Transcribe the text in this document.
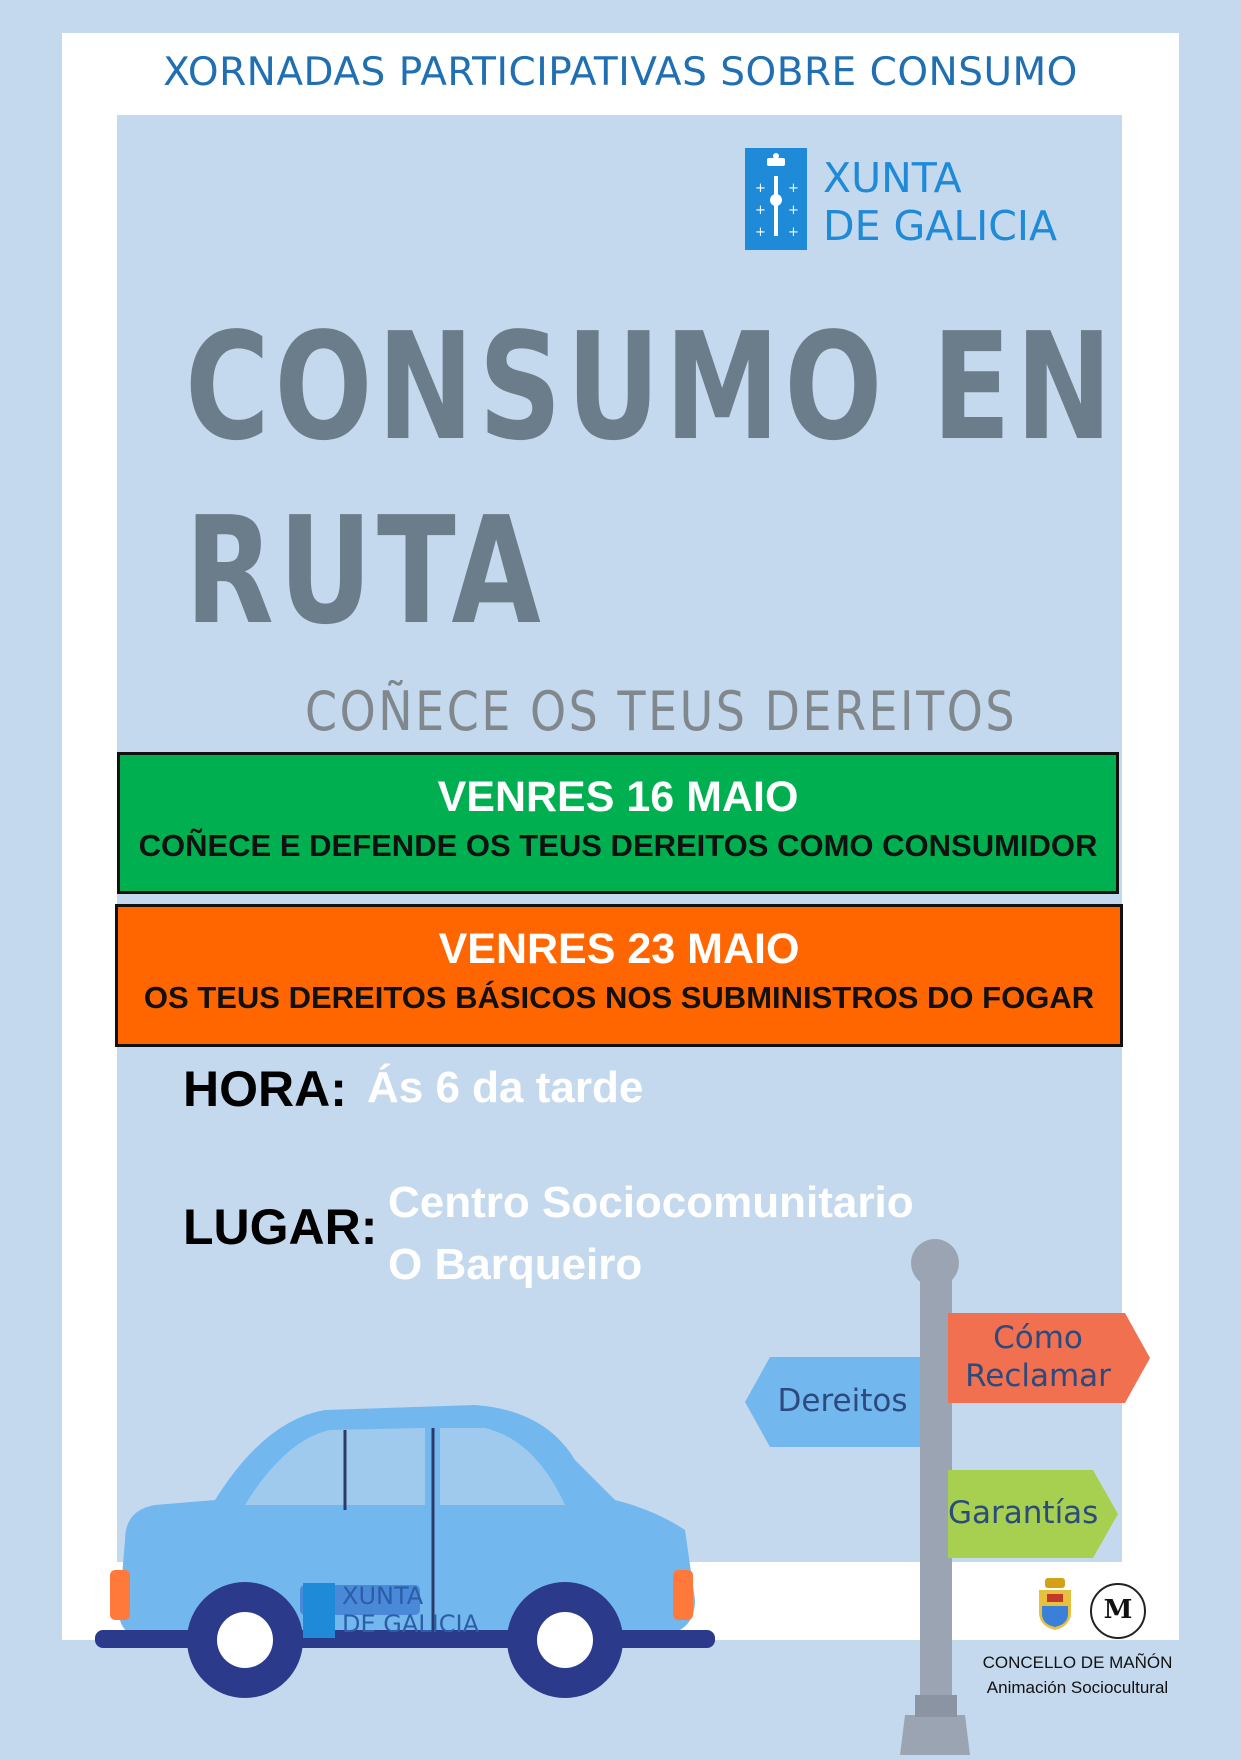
XORNADAS PARTICIPATIVAS SOBRE CONSUMO
+ +
+ +
+ +
XUNTA
DE GALICIA
CONSUMO EN
RUTA
COÑECE OS TEUS DEREITOS
VENRES 16 MAIO
COÑECE E DEFENDE OS TEUS DEREITOS COMO CONSUMIDOR
VENRES 23 MAIO
OS TEUS DEREITOS BÁSICOS NOS SUBMINISTROS DO FOGAR
HORA: Ás 6 da tarde
LUGAR: Centro Sociocomunitario
O Barqueiro
XUNTA
DE GALICIA
Dereitos
Cómo
Reclamar
Garantías
M
CONCELLO DE MAÑÓN
Animación Sociocultural
